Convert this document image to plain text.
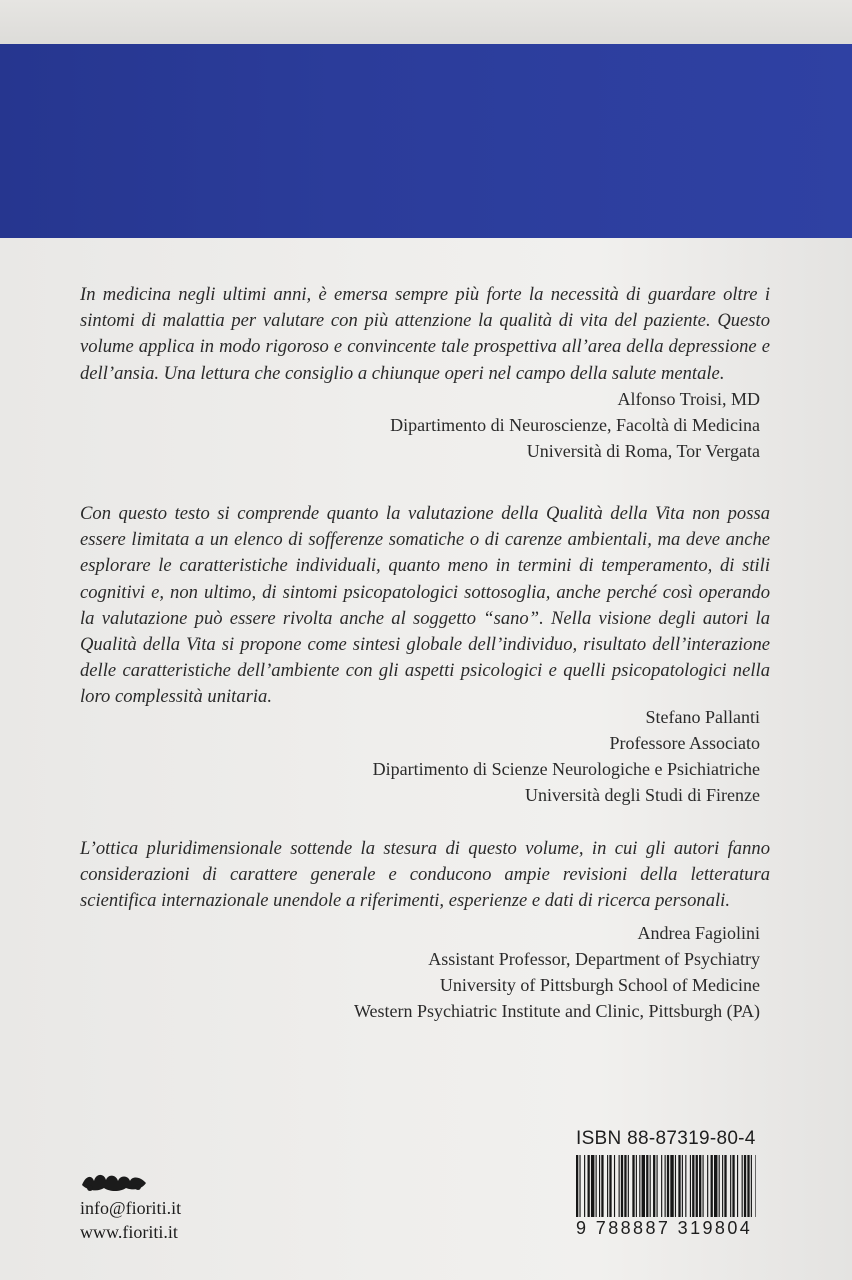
In medicina negli ultimi anni, è emersa sempre più forte la necessità di guardare oltre i sintomi di malattia per valutare con più attenzione la qualità di vita del paziente. Questo volume applica in modo rigoroso e convincente tale prospettiva all’area della depressione e dell’ansia. Una lettura che consiglio a chiunque operi nel campo della salute mentale.

Alfonso Troisi, MD
Dipartimento di Neuroscienze, Facoltà di Medicina
Università di Roma, Tor Vergata

Con questo testo si comprende quanto la valutazione della Qualità della Vita non possa essere limitata a un elenco di sofferenze somatiche o di carenze ambientali, ma deve anche esplorare le caratteristiche individuali, quanto meno in termini di temperamento, di stili cognitivi e, non ultimo, di sintomi psicopatologici sottosoglia, anche perché così operando la valutazione può essere rivolta anche al soggetto “sano”. Nella visione degli autori la Qualità della Vita si propone come sintesi globale dell’individuo, risultato dell’interazione delle caratteristiche dell’ambiente con gli aspetti psicologici e quelli psicopatologici nella loro complessità unitaria.

Stefano Pallanti
Professore Associato
Dipartimento di Scienze Neurologiche e Psichiatriche
Università degli Studi di Firenze

L’ottica pluridimensionale sottende la stesura di questo volume, in cui gli autori fanno considerazioni di carattere generale e conducono ampie revisioni della letteratura scientifica internazionale unendole a riferimenti, esperienze e dati di ricerca personali.

Andrea Fagiolini
Assistant Professor, Department of Psychiatry
University of Pittsburgh School of Medicine
Western Psychiatric Institute and Clinic, Pittsburgh (PA)

info@fioriti.it
www.fioriti.it
ISBN 88-87319-80-4
9 788887 319804
